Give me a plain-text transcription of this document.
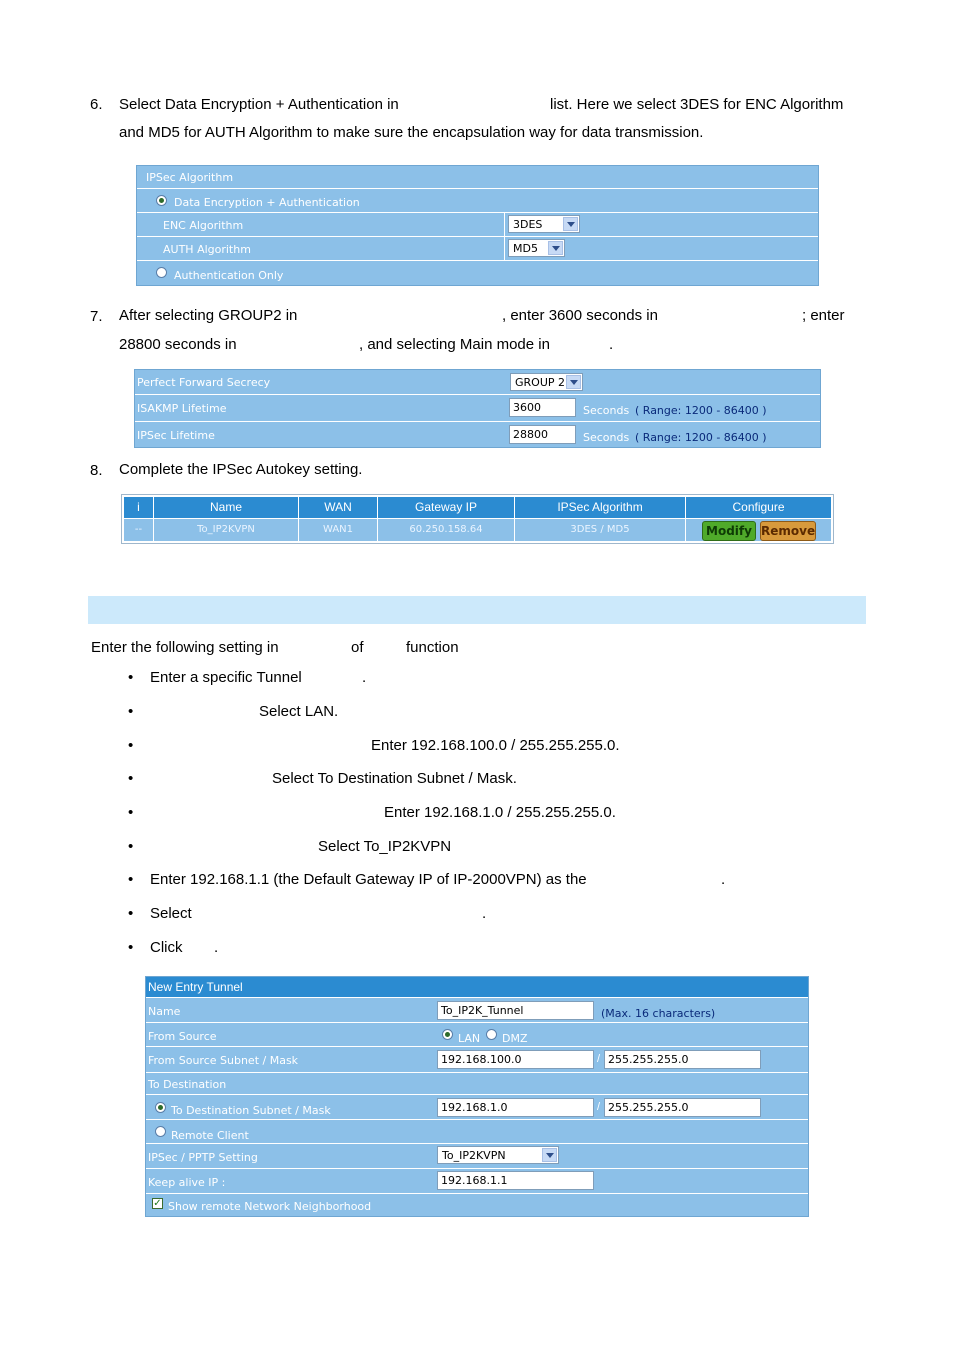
6. Select Data Encryption + Authentication in	list. Here we select 3DES for ENC Algorithm
and MD5 for AUTH Algorithm to make sure the encapsulation way for data transmission.
IPSec Algorithm
Data Encryption + Authentication
ENC Algorithm	3DES
AUTH Algorithm	MD5
Authentication Only
7. After selecting GROUP2 in	, enter 3600 seconds in	; enter
28800 seconds in	, and selecting Main mode in	.
Perfect Forward Secrecy	GROUP 2
ISAKMP Lifetime	3600	Seconds ( Range: 1200 - 86400 )
IPSec Lifetime	28800	Seconds ( Range: 1200 - 86400 )
8. Complete the IPSec Autokey setting.
i	Name	WAN	Gateway IP	IPSec Algorithm	Configure
--	To_IP2KVPN	WAN1	60.250.158.64	3DES / MD5	Modify Remove
Enter the following setting in	of	function
• Enter a specific Tunnel	.
•	Select LAN.
•	Enter 192.168.100.0 / 255.255.255.0.
•	Select To Destination Subnet / Mask.
•	Enter 192.168.1.0 / 255.255.255.0.
•	Select To_IP2KVPN
• Enter 192.168.1.1 (the Default Gateway IP of IP-2000VPN) as the	.
• Select	.
• Click .
New Entry Tunnel
Name	To_IP2K_Tunnel	(Max. 16 characters)
From Source	LAN DMZ
From Source Subnet / Mask	192.168.100.0	/ 255.255.255.0
To Destination
To Destination Subnet / Mask	192.168.1.0	/ 255.255.255.0
Remote Client
IPSec / PPTP Setting	To_IP2KVPN
Keep alive IP :	192.168.1.1
✓ Show remote Network Neighborhood
